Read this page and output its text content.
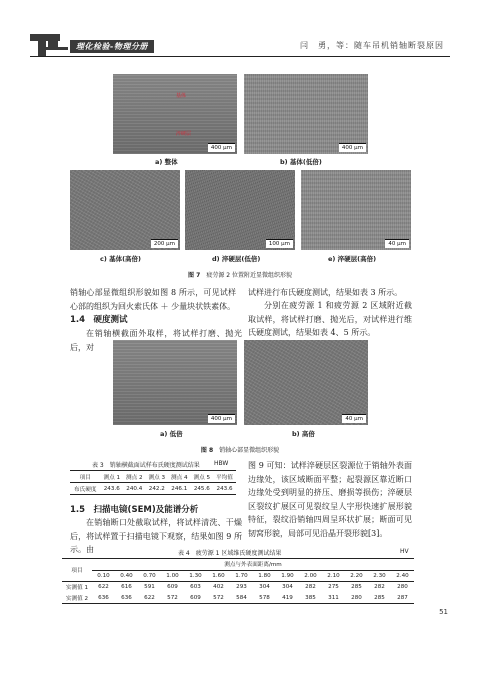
理化检验-物理分册	闫　勇，等：随车吊机销轴断裂原因
基体
淬硬层
400 μm
a) 整体
400 μm
b) 基体(低倍)
200 μm
c) 基体(高倍)
100 μm
d) 淬硬层(低倍)
40 μm
e) 淬硬层(高倍)
图 7 疲劳源 2 位置附近显微组织形貌
销轴心部显微组织形貌如图 8 所示，可见试样心部的组织为回火索氏体 ＋ 少量块状铁素体。
1.4　硬度测试
在销轴横截面外取样，将试样打磨、抛光后，对
试样进行布氏硬度测试，结果如表 3 所示。
分别在疲劳源 1 和疲劳源 2 区域附近截取试样，将试样打磨、抛光后，对试样进行维氏硬度测试，结果如表 4、5 所示。
400 μm
a) 低倍
40 μm
b) 高倍
图 8 销轴心部显微组织形貌
表 3　销轴横截面试样布氏硬度测试结果 HBW
项目	测点 1	测点 2	测点 3	测点 4	测点 5	平均值
布氏硬度	243.6	240.4	242.2	246.1	245.6	243.6
1.5　扫描电镜(SEM)及能谱分析
在销轴断口处截取试样，将试样清洗、干燥后，将试样置于扫描电镜下观察，结果如图 9 所示。由
图 9 可知：试样淬硬层区裂源位于销轴外表面边缘处，该区域断面平整；起裂源区靠近断口边缘处受到明显的挤压、磨损等损伤；淬硬层区裂纹扩展区可见裂纹呈人字形快速扩展形貌特征，裂纹沿销轴四周呈环状扩展；断面可见韧窝形貌，局部可见沿晶开裂形貌[3]。
表 4　疲劳源 1 区域维氏硬度测试结果	HV
项目	测点与外表面距离/mm													
	0.10	0.40	0.70	1.00	1.30	1.60	1.70	1.80	1.90	2.00	2.10	2.20	2.30	2.40
实测值 1	622	616	591	609	603	402	293	304	304	282	275	285	282	280
实测值 2	636	636	622	572	609	572	584	578	419	385	311	280	285	287
51
